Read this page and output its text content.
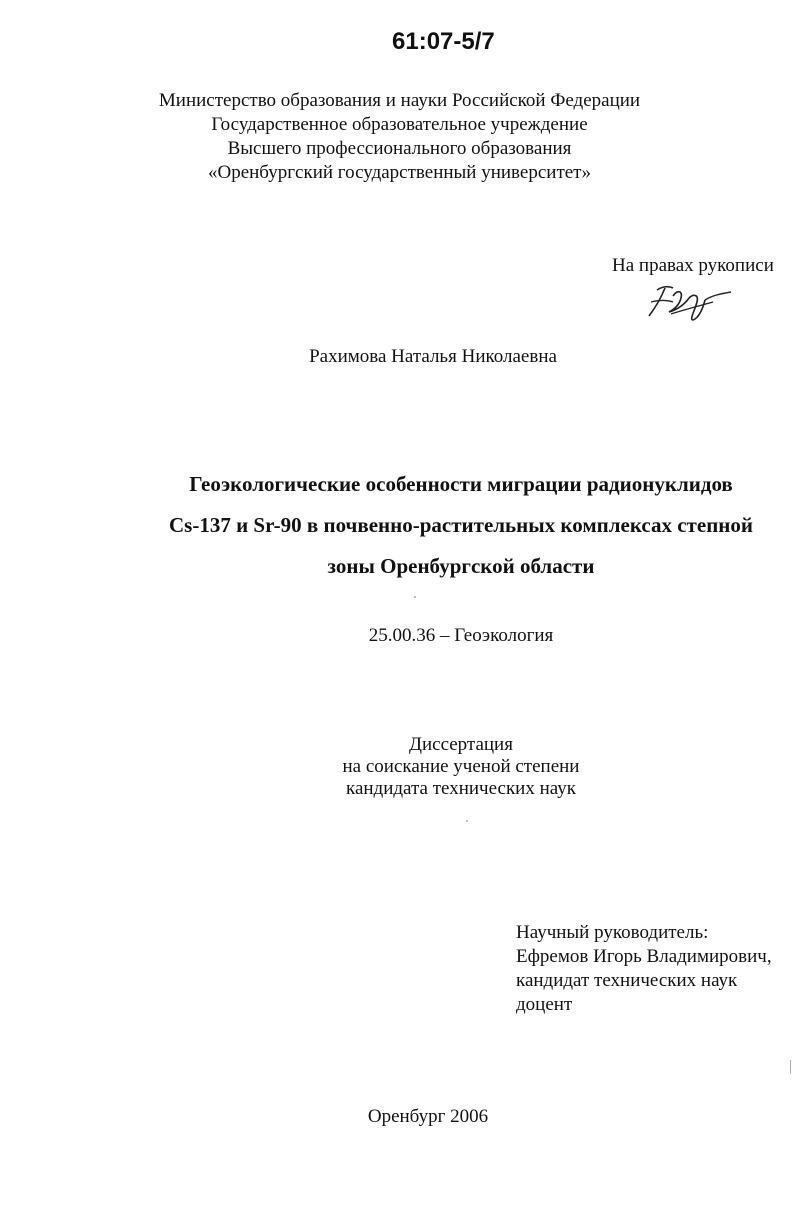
61:07-5/7
Министерство образования и науки Российской Федерации
Государственное образовательное учреждение
Высшего профессионального образования
«Оренбургский государственный университет»
На правах рукописи
Рахимова Наталья Николаевна
Геоэкологические особенности миграции радионуклидов
Cs-137 и Sr-90 в почвенно-растительных комплексах степной
зоны Оренбургской области
25.00.36 – Геоэкология
Диссертация
на соискание ученой степени
кандидата технических наук
Научный руководитель:
Ефремов Игорь Владимирович,
кандидат технических наук
доцент
Оренбург 2006
